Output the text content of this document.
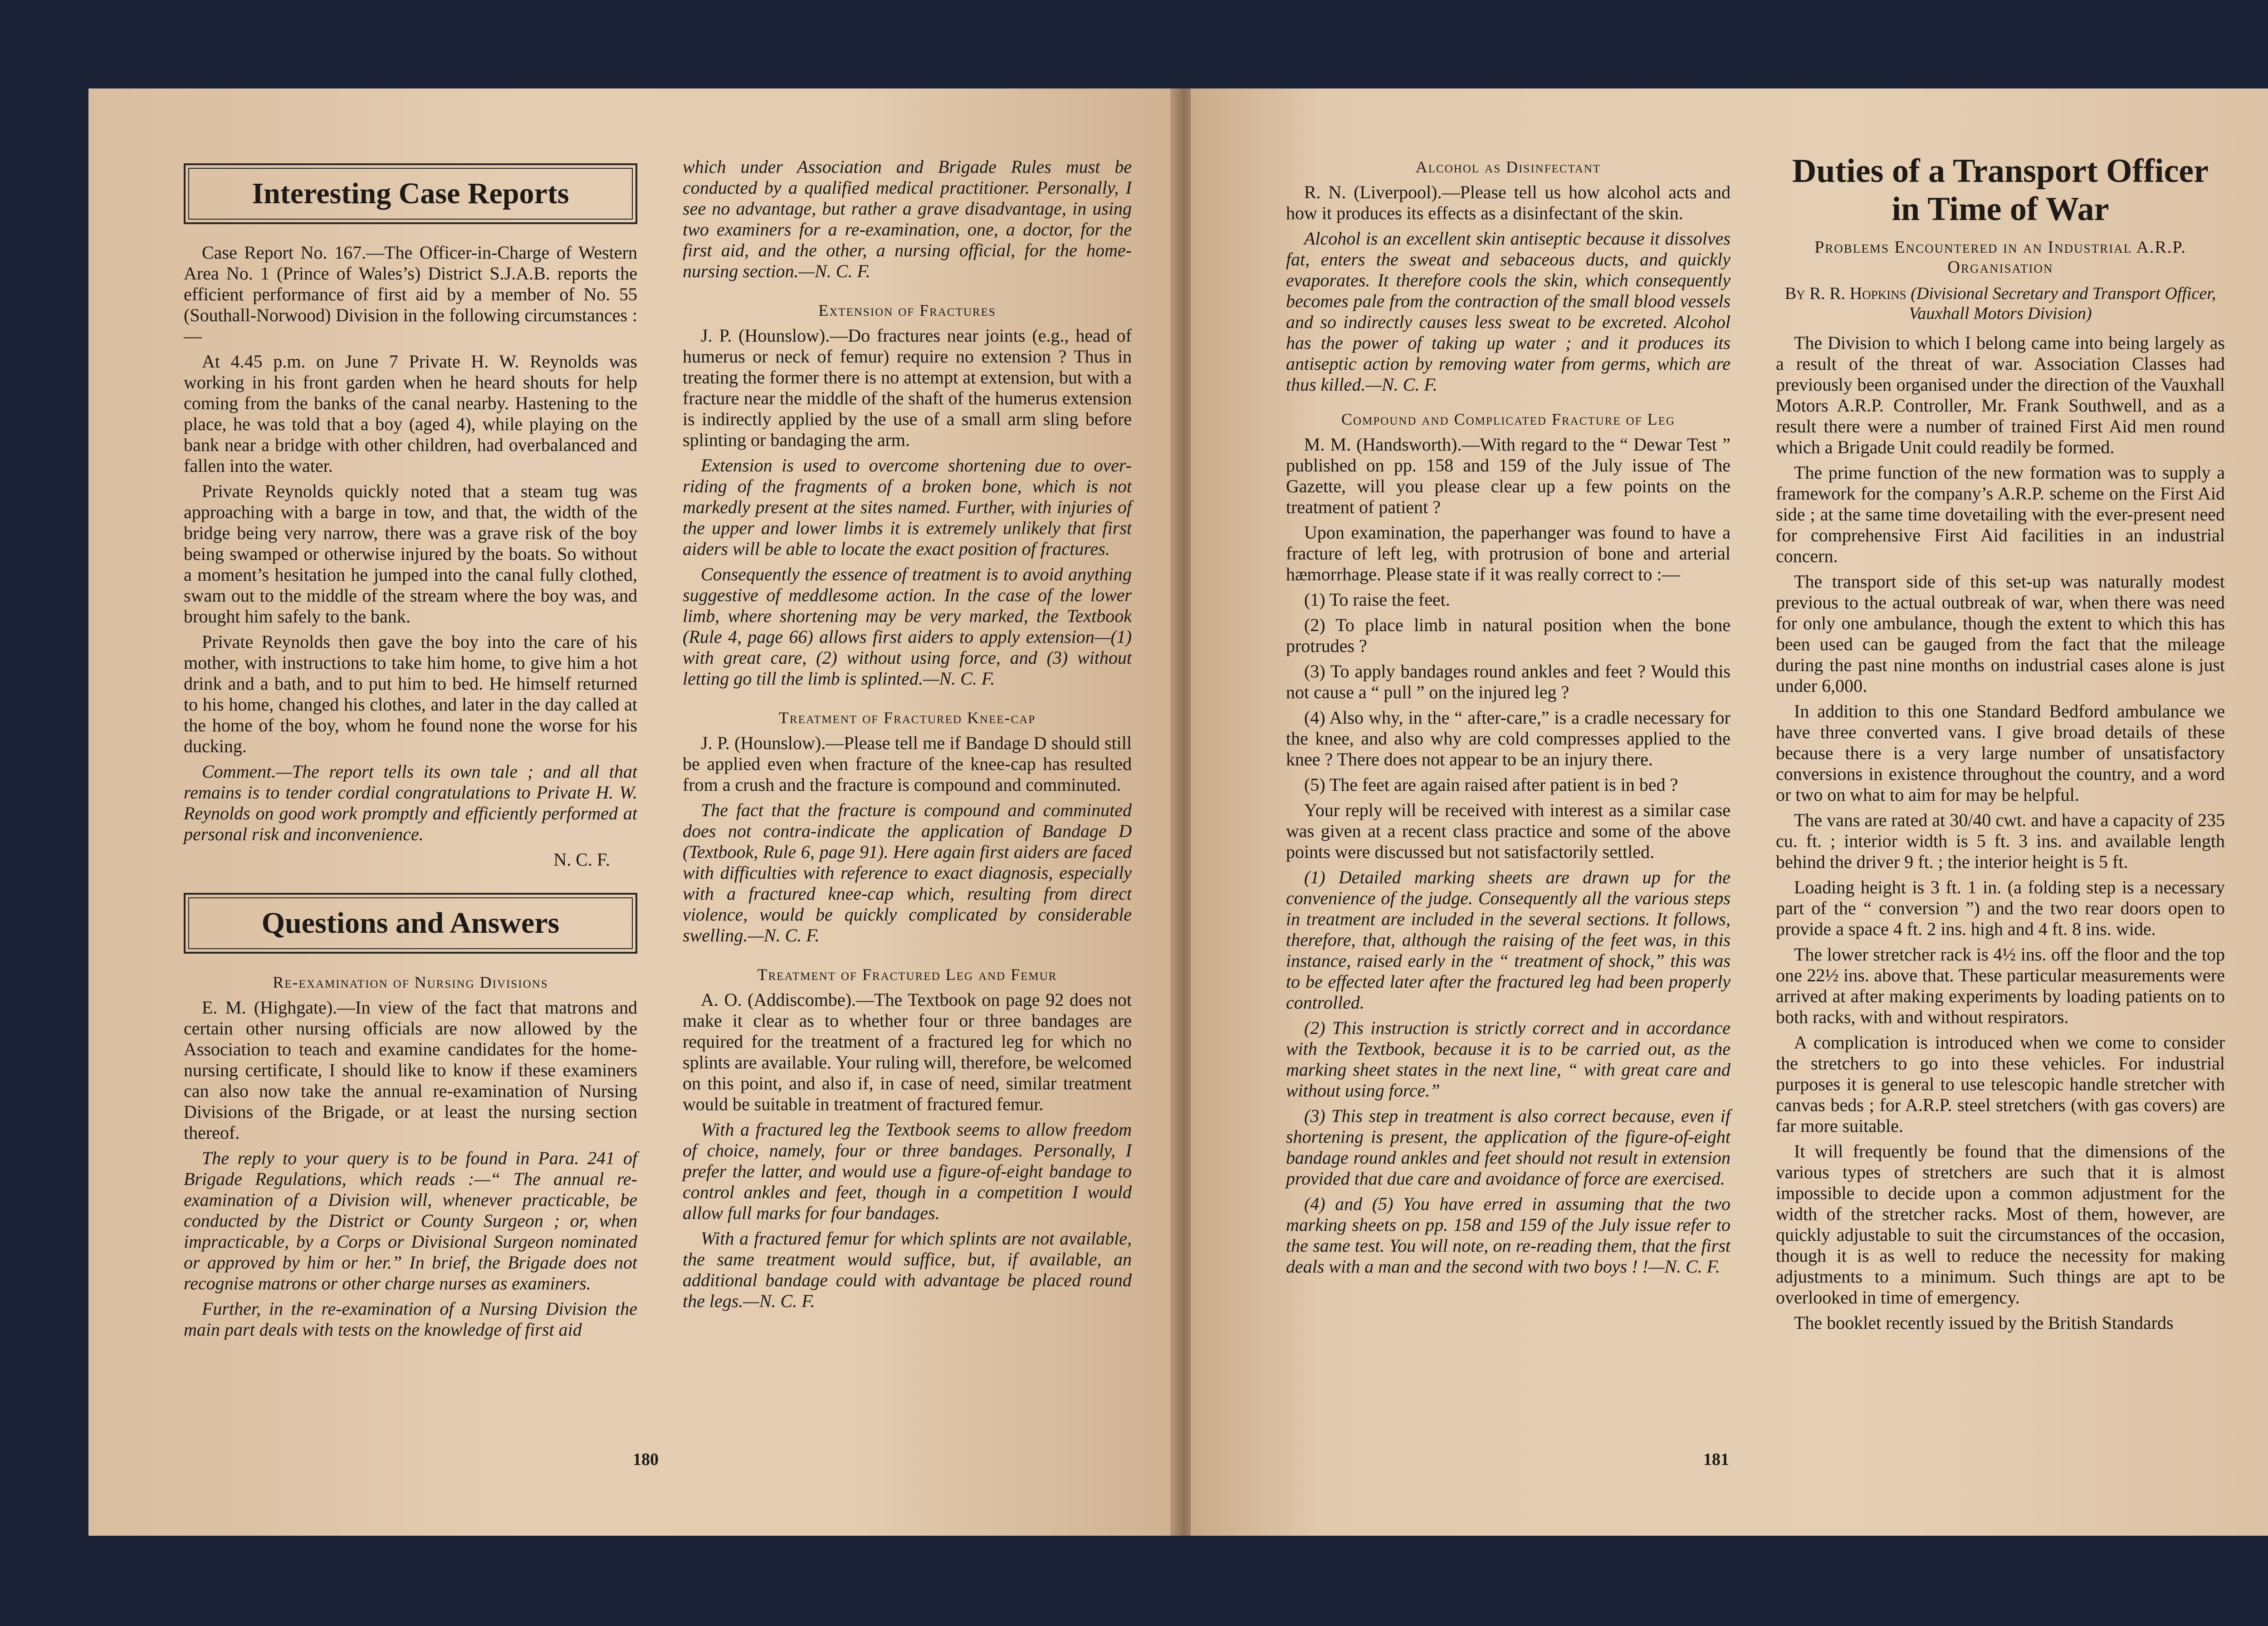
Interesting Case Reports

Case Report No. 167.—The Officer-in-Charge of Western Area No. 1 (Prince of Wales’s) District S.J.A.B. reports the efficient performance of first aid by a member of No. 55 (Southall-Norwood) Division in the following circumstances :—

At 4.45 p.m. on June 7 Private H. W. Reynolds was working in his front garden when he heard shouts for help coming from the banks of the canal nearby. Hastening to the place, he was told that a boy (aged 4), while playing on the bank near a bridge with other children, had overbalanced and fallen into the water.

Private Reynolds quickly noted that a steam tug was approaching with a barge in tow, and that, the width of the bridge being very narrow, there was a grave risk of the boy being swamped or otherwise injured by the boats. So without a moment’s hesitation he jumped into the canal fully clothed, swam out to the middle of the stream where the boy was, and brought him safely to the bank.

Private Reynolds then gave the boy into the care of his mother, with instructions to take him home, to give him a hot drink and a bath, and to put him to bed. He himself returned to his home, changed his clothes, and later in the day called at the home of the boy, whom he found none the worse for his ducking.

Comment.—The report tells its own tale ; and all that remains is to tender cordial congratulations to Private H. W. Reynolds on good work promptly and efficiently performed at personal risk and inconvenience.

N. C. F.

Questions and Answers
Re-examination of Nursing Divisions

E. M. (Highgate).—In view of the fact that matrons and certain other nursing officials are now allowed by the Association to teach and examine candidates for the home-nursing certificate, I should like to know if these examiners can also now take the annual re-examination of Nursing Divisions of the Brigade, or at least the nursing section thereof.

The reply to your query is to be found in Para. 241 of Brigade Regulations, which reads :—“ The annual re-examination of a Division will, whenever practicable, be conducted by the District or County Surgeon ; or, when impracticable, by a Corps or Divisional Surgeon nominated or approved by him or her.” In brief, the Brigade does not recognise matrons or other charge nurses as examiners.

Further, in the re-examination of a Nursing Division the main part deals with tests on the knowledge of first aid

which under Association and Brigade Rules must be conducted by a qualified medical practitioner. Personally, I see no advantage, but rather a grave disadvantage, in using two examiners for a re-examination, one, a doctor, for the first aid, and the other, a nursing official, for the home-nursing section.—N. C. F.

Extension of Fractures

J. P. (Hounslow).—Do fractures near joints (e.g., head of humerus or neck of femur) require no extension ? Thus in treating the former there is no attempt at extension, but with a fracture near the middle of the shaft of the humerus extension is indirectly applied by the use of a small arm sling before splinting or bandaging the arm.

Extension is used to overcome shortening due to over-riding of the fragments of a broken bone, which is not markedly present at the sites named. Further, with injuries of the upper and lower limbs it is extremely unlikely that first aiders will be able to locate the exact position of fractures.

Consequently the essence of treatment is to avoid anything suggestive of meddlesome action. In the case of the lower limb, where shortening may be very marked, the Textbook (Rule 4, page 66) allows first aiders to apply extension—(1) with great care, (2) without using force, and (3) without letting go till the limb is splinted.—N. C. F.

Treatment of Fractured Knee-cap

J. P. (Hounslow).—Please tell me if Bandage D should still be applied even when fracture of the knee-cap has resulted from a crush and the fracture is compound and comminuted.

The fact that the fracture is compound and comminuted does not contra-indicate the application of Bandage D (Textbook, Rule 6, page 91). Here again first aiders are faced with difficulties with reference to exact diagnosis, especially with a fractured knee-cap which, resulting from direct violence, would be quickly complicated by considerable swelling.—N. C. F.

Treatment of Fractured Leg and Femur

A. O. (Addiscombe).—The Textbook on page 92 does not make it clear as to whether four or three bandages are required for the treatment of a fractured leg for which no splints are available. Your ruling will, therefore, be welcomed on this point, and also if, in case of need, similar treatment would be suitable in treatment of fractured femur.

With a fractured leg the Textbook seems to allow freedom of choice, namely, four or three bandages. Personally, I prefer the latter, and would use a figure-of-eight bandage to control ankles and feet, though in a competition I would allow full marks for four bandages.

With a fractured femur for which splints are not available, the same treatment would suffice, but, if available, an additional bandage could with advantage be placed round the legs.—N. C. F.

180
Alcohol as Disinfectant

R. N. (Liverpool).—Please tell us how alcohol acts and how it produces its effects as a disinfectant of the skin.

Alcohol is an excellent skin antiseptic because it dissolves fat, enters the sweat and sebaceous ducts, and quickly evaporates. It therefore cools the skin, which consequently becomes pale from the contraction of the small blood vessels and so indirectly causes less sweat to be excreted. Alcohol has the power of taking up water ; and it produces its antiseptic action by removing water from germs, which are thus killed.—N. C. F.

Compound and Complicated Fracture of Leg

M. M. (Handsworth).—With regard to the “ Dewar Test ” published on pp. 158 and 159 of the July issue of The Gazette, will you please clear up a few points on the treatment of patient ?

Upon examination, the paperhanger was found to have a fracture of left leg, with protrusion of bone and arterial hæmorrhage. Please state if it was really correct to :—

(1) To raise the feet.

(2) To place limb in natural position when the bone protrudes ?

(3) To apply bandages round ankles and feet ? Would this not cause a “ pull ” on the injured leg ?

(4) Also why, in the “ after-care,” is a cradle necessary for the knee, and also why are cold compresses applied to the knee ? There does not appear to be an injury there.

(5) The feet are again raised after patient is in bed ?

Your reply will be received with interest as a similar case was given at a recent class practice and some of the above points were discussed but not satisfactorily settled.

(1) Detailed marking sheets are drawn up for the convenience of the judge. Consequently all the various steps in treatment are included in the several sections. It follows, therefore, that, although the raising of the feet was, in this instance, raised early in the “ treatment of shock,” this was to be effected later after the fractured leg had been properly controlled.

(2) This instruction is strictly correct and in accordance with the Textbook, because it is to be carried out, as the marking sheet states in the next line, “ with great care and without using force.”

(3) This step in treatment is also correct because, even if shortening is present, the application of the figure-of-eight bandage round ankles and feet should not result in extension provided that due care and avoidance of force are exercised.

(4) and (5) You have erred in assuming that the two marking sheets on pp. 158 and 159 of the July issue refer to the same test. You will note, on re-reading them, that the first deals with a man and the second with two boys ! !—N. C. F.

Duties of a Transport Officer in Time of War
Problems Encountered in an Industrial A.R.P. Organisation
By R. R. Hopkins (Divisional Secretary and Transport Officer, Vauxhall Motors Division)

The Division to which I belong came into being largely as a result of the threat of war. Association Classes had previously been organised under the direction of the Vauxhall Motors A.R.P. Controller, Mr. Frank Southwell, and as a result there were a number of trained First Aid men round which a Brigade Unit could readily be formed.

The prime function of the new formation was to supply a framework for the company’s A.R.P. scheme on the First Aid side ; at the same time dovetailing with the ever-present need for comprehensive First Aid facilities in an industrial concern.

The transport side of this set-up was naturally modest previous to the actual outbreak of war, when there was need for only one ambulance, though the extent to which this has been used can be gauged from the fact that the mileage during the past nine months on industrial cases alone is just under 6,000.

In addition to this one Standard Bedford ambulance we have three converted vans. I give broad details of these because there is a very large number of unsatisfactory conversions in existence throughout the country, and a word or two on what to aim for may be helpful.

The vans are rated at 30/40 cwt. and have a capacity of 235 cu. ft. ; interior width is 5 ft. 3 ins. and available length behind the driver 9 ft. ; the interior height is 5 ft.

Loading height is 3 ft. 1 in. (a folding step is a necessary part of the “ conversion ”) and the two rear doors open to provide a space 4 ft. 2 ins. high and 4 ft. 8 ins. wide.

The lower stretcher rack is 4½ ins. off the floor and the top one 22½ ins. above that. These particular measurements were arrived at after making experiments by loading patients on to both racks, with and without respirators.

A complication is introduced when we come to consider the stretchers to go into these vehicles. For industrial purposes it is general to use telescopic handle stretcher with canvas beds ; for A.R.P. steel stretchers (with gas covers) are far more suitable.

It will frequently be found that the dimensions of the various types of stretchers are such that it is almost impossible to decide upon a common adjustment for the width of the stretcher racks. Most of them, however, are quickly adjustable to suit the circumstances of the occasion, though it is as well to reduce the necessity for making adjustments to a minimum. Such things are apt to be overlooked in time of emergency.

The booklet recently issued by the British Standards

181
